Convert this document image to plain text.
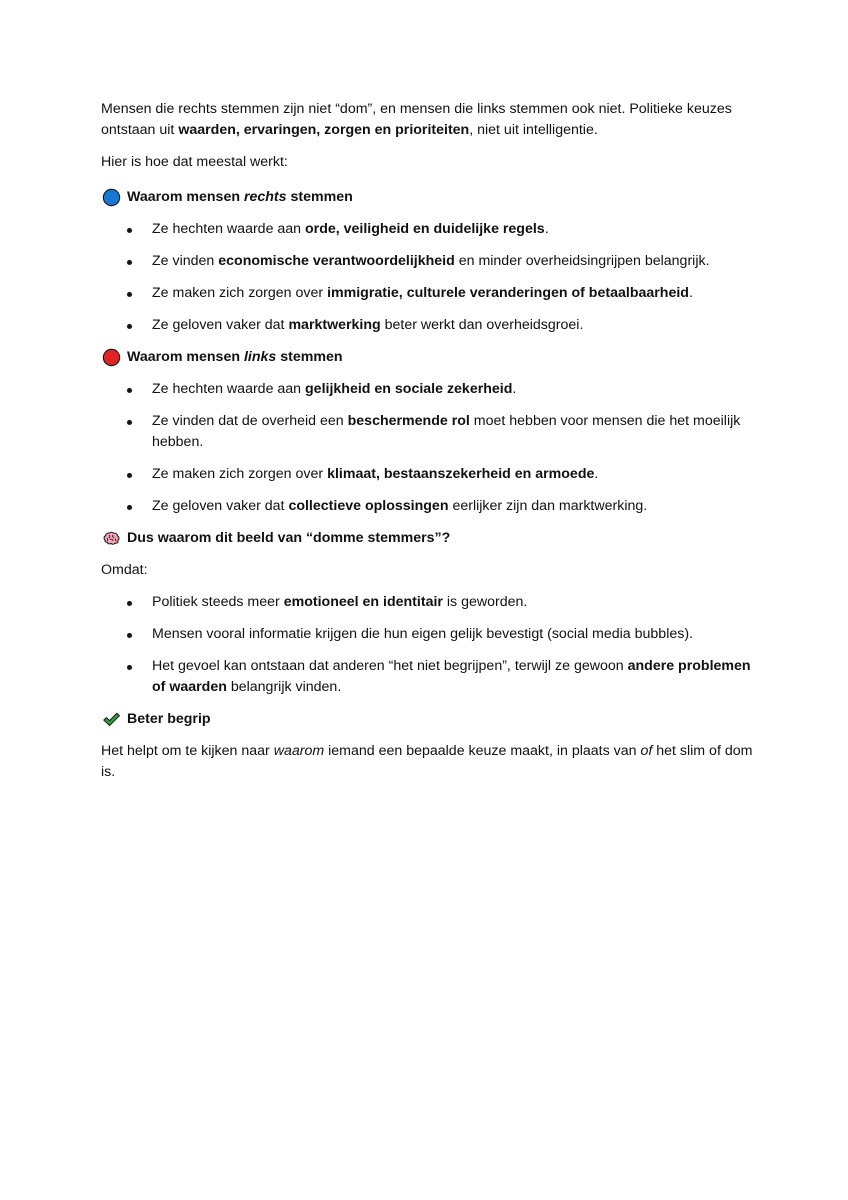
Mensen die rechts stemmen zijn niet “dom”, en mensen die links stemmen ook niet. Politieke keuzes ontstaan uit waarden, ervaringen, zorgen en prioriteiten, niet uit intelligentie.

Hier is hoe dat meestal werkt:

Waarom mensen rechts stemmen
Ze hechten waarde aan orde, veiligheid en duidelijke regels.
Ze vinden economische verantwoordelijkheid en minder overheidsingrijpen belangrijk.
Ze maken zich zorgen over immigratie, culturele veranderingen of betaalbaarheid.
Ze geloven vaker dat marktwerking beter werkt dan overheidsgroei.
Waarom mensen links stemmen
Ze hechten waarde aan gelijkheid en sociale zekerheid.
Ze vinden dat de overheid een beschermende rol moet hebben voor mensen die het moeilijk hebben.
Ze maken zich zorgen over klimaat, bestaanszekerheid en armoede.
Ze geloven vaker dat collectieve oplossingen eerlijker zijn dan marktwerking.
Dus waarom dit beeld van “domme stemmers”?

Omdat:

Politiek steeds meer emotioneel en identitair is geworden.
Mensen vooral informatie krijgen die hun eigen gelijk bevestigt (social media bubbles).
Het gevoel kan ontstaan dat anderen “het niet begrijpen”, terwijl ze gewoon andere problemen of waarden belangrijk vinden.
Beter begrip

Het helpt om te kijken naar waarom iemand een bepaalde keuze maakt, in plaats van of het slim of dom is.
